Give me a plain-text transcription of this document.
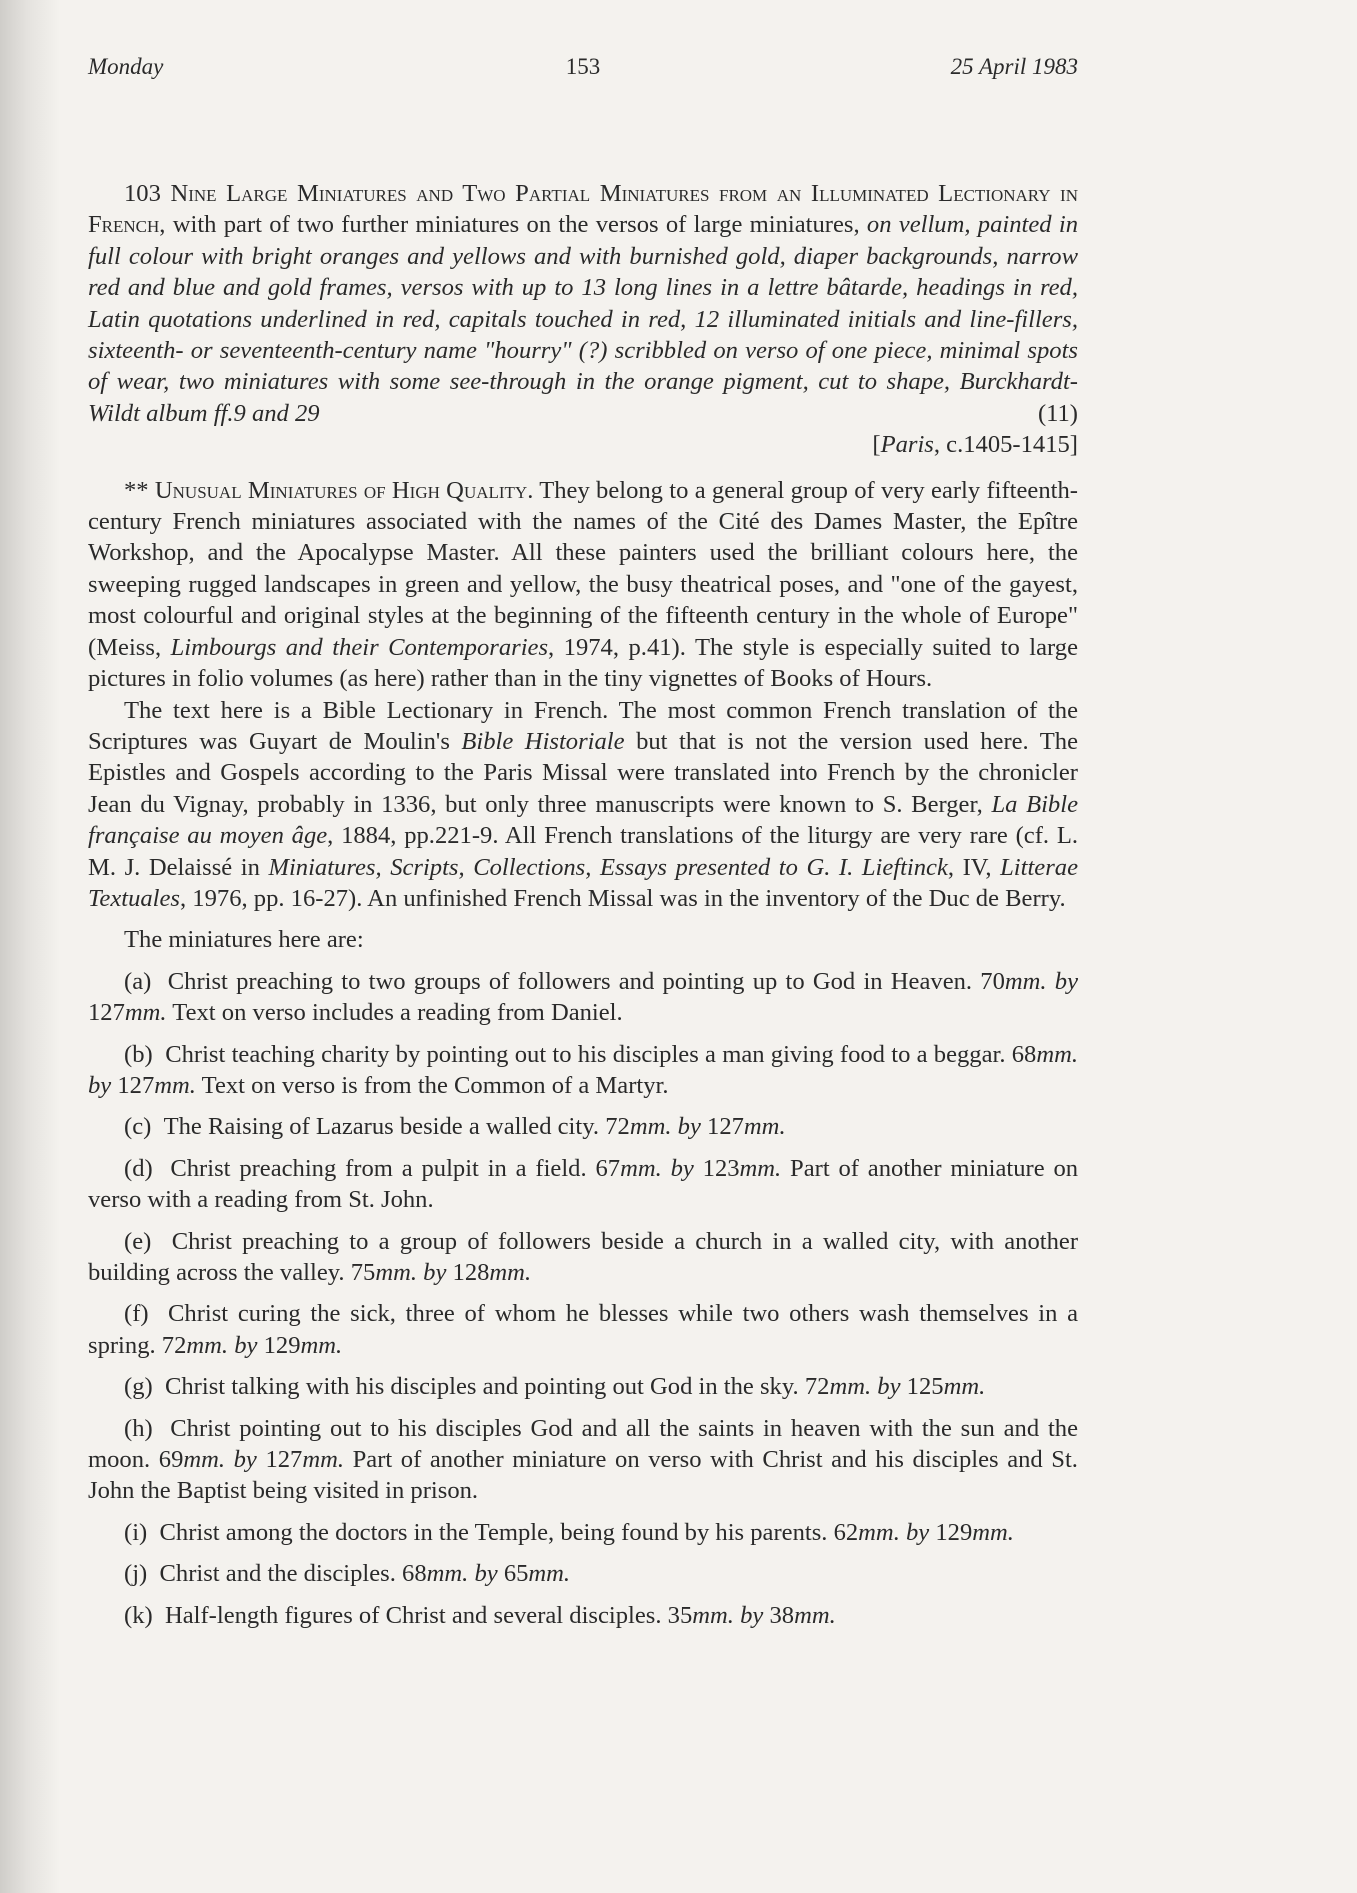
Monday	153	25 April 1983

103 Nine Large Miniatures and Two Partial Miniatures from an Illuminated Lectionary in French, with part of two further miniatures on the versos of large miniatures, on vellum, painted in full colour with bright oranges and yellows and with burnished gold, diaper backgrounds, narrow red and blue and gold frames, versos with up to 13 long lines in a lettre bâtarde, headings in red, Latin quotations underlined in red, capitals touched in red, 12 illuminated initials and line-fillers, sixteenth- or seventeenth-century name "hourry" (?) scribbled on verso of one piece, minimal spots of wear, two miniatures with some see-through in the orange pigment, cut to shape, Burckhardt-Wildt album ff.9 and 29	(11)

[Paris, c.1405-1415]

** Unusual Miniatures of High Quality. They belong to a general group of very early fifteenth-century French miniatures associated with the names of the Cité des Dames Master, the Epître Workshop, and the Apocalypse Master. All these painters used the brilliant colours here, the sweeping rugged landscapes in green and yellow, the busy theatrical poses, and "one of the gayest, most colourful and original styles at the beginning of the fifteenth century in the whole of Europe" (Meiss, Limbourgs and their Contemporaries, 1974, p.41). The style is especially suited to large pictures in folio volumes (as here) rather than in the tiny vignettes of Books of Hours.

The text here is a Bible Lectionary in French. The most common French translation of the Scriptures was Guyart de Moulin's Bible Historiale but that is not the version used here. The Epistles and Gospels according to the Paris Missal were translated into French by the chronicler Jean du Vignay, probably in 1336, but only three manuscripts were known to S. Berger, La Bible française au moyen âge, 1884, pp.221-9. All French translations of the liturgy are very rare (cf. L. M. J. Delaissé in Miniatures, Scripts, Collections, Essays presented to G. I. Lieftinck, IV, Litterae Textuales, 1976, pp. 16-27). An unfinished French Missal was in the inventory of the Duc de Berry.

The miniatures here are:

(a) Christ preaching to two groups of followers and pointing up to God in Heaven. 70mm. by 127mm. Text on verso includes a reading from Daniel.

(b) Christ teaching charity by pointing out to his disciples a man giving food to a beggar. 68mm. by 127mm. Text on verso is from the Common of a Martyr.

(c) The Raising of Lazarus beside a walled city. 72mm. by 127mm.

(d) Christ preaching from a pulpit in a field. 67mm. by 123mm. Part of another miniature on verso with a reading from St. John.

(e) Christ preaching to a group of followers beside a church in a walled city, with another building across the valley. 75mm. by 128mm.

(f) Christ curing the sick, three of whom he blesses while two others wash themselves in a spring. 72mm. by 129mm.

(g) Christ talking with his disciples and pointing out God in the sky. 72mm. by 125mm.

(h) Christ pointing out to his disciples God and all the saints in heaven with the sun and the moon. 69mm. by 127mm. Part of another miniature on verso with Christ and his disciples and St. John the Baptist being visited in prison.

(i) Christ among the doctors in the Temple, being found by his parents. 62mm. by 129mm.

(j) Christ and the disciples. 68mm. by 65mm.

(k) Half-length figures of Christ and several disciples. 35mm. by 38mm.
